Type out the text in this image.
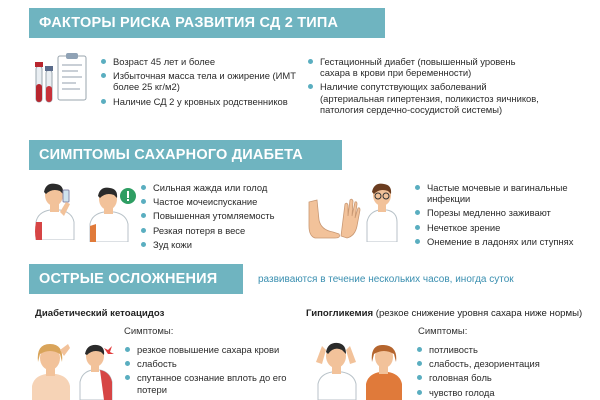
ФАКТОРЫ РИСКА РАЗВИТИЯ СД 2 ТИПА
Возраст 45 лет и более
Избыточная масса тела и ожирение (ИМТ более 25 кг/м2)
Наличие СД 2 у кровных родственников
Гестационный диабет (повышенный уровень сахара в крови при беременности)
Наличие сопутствующих заболеваний (артериальная гипертензия, поликистоз яичников, патология сердечно-сосудистой системы)
СИМПТОМЫ САХАРНОГО ДИАБЕТА
Сильная жажда или голод
Частое мочеиспускание
Повышенная утомляемость
Резкая потеря в весе
Зуд кожи
Частые мочевые и вагинальные инфекции
Порезы медленно заживают
Нечеткое зрение
Онемение в ладонях или ступнях
ОСТРЫЕ ОСЛОЖНЕНИЯ	развиваются в течение нескольких часов, иногда суток
Диабетический кетоацидоз
Симптомы:
резкое повышение сахара крови
слабость
спутанное сознание вплоть до его потери
Гипогликемия (резкое снижение уровня сахара ниже нормы)
Симптомы:
потливость
слабость, дезориентация
головная боль
чувство голода
